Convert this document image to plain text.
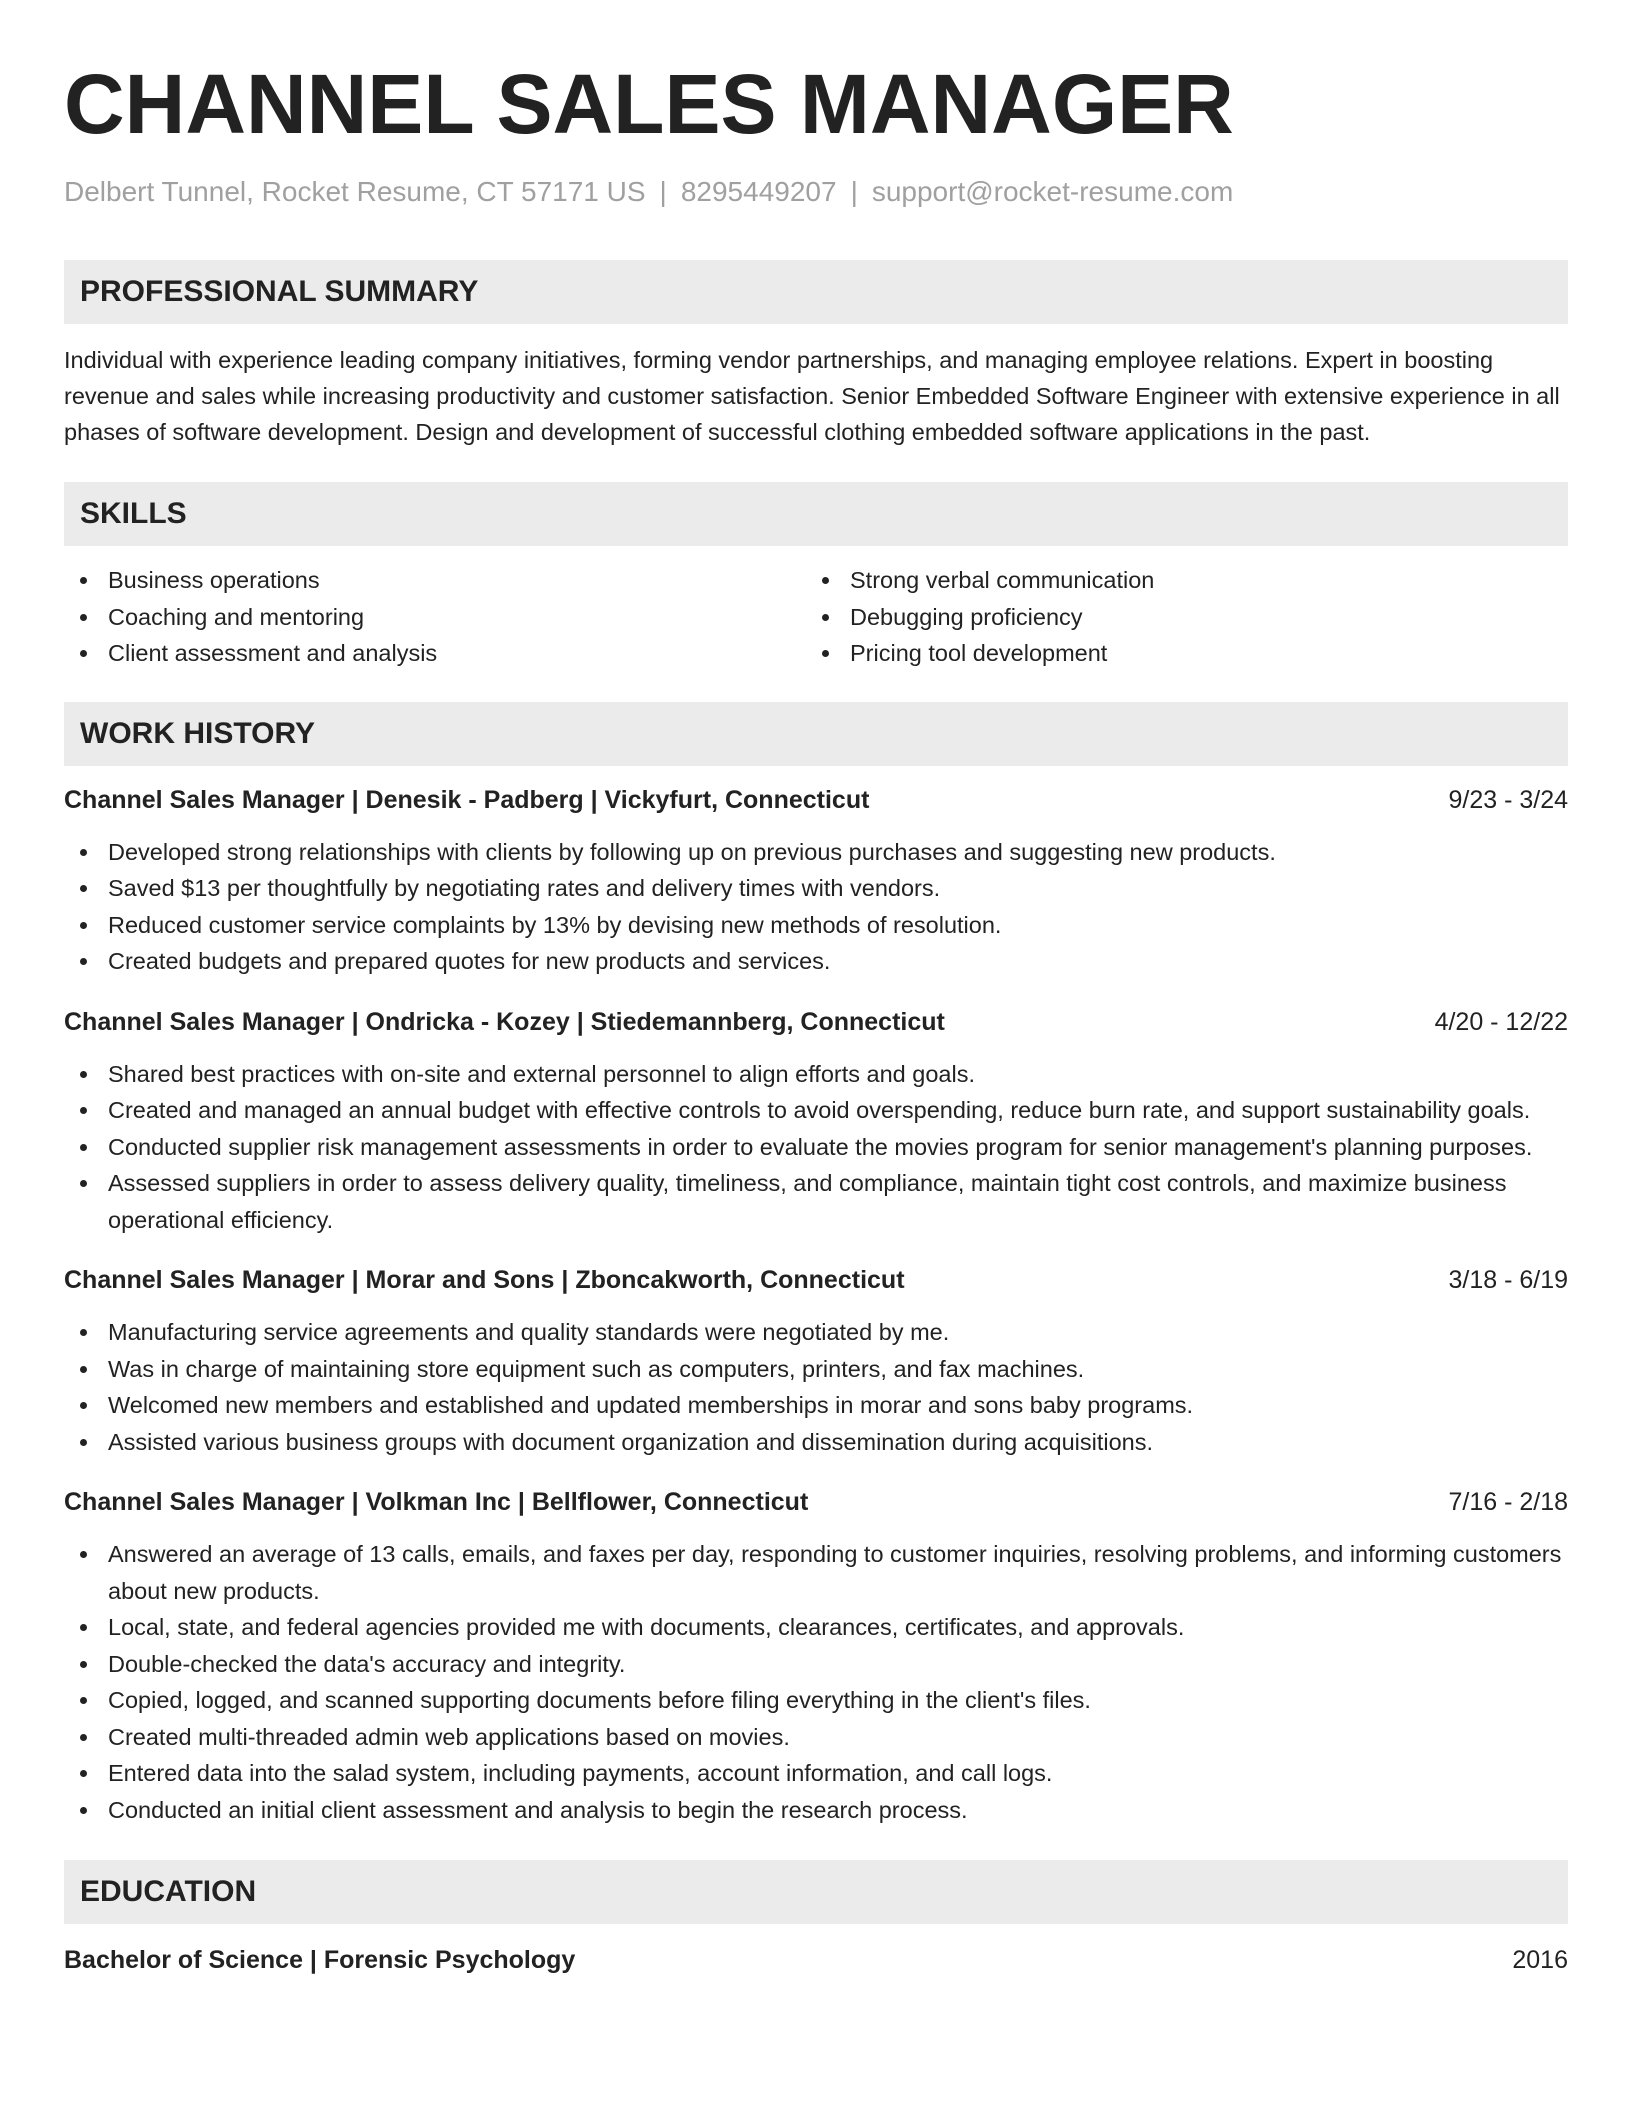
CHANNEL SALES MANAGER
Delbert Tunnel, Rocket Resume, CT 57171 US | 8295449207 | support@rocket-resume.com
PROFESSIONAL SUMMARY
Individual with experience leading company initiatives, forming vendor partnerships, and managing employee relations. Expert in boosting revenue and sales while increasing productivity and customer satisfaction. Senior Embedded Software Engineer with extensive experience in all phases of software development. Design and development of successful clothing embedded software applications in the past.
SKILLS
Business operations
Coaching and mentoring
Client assessment and analysis
Strong verbal communication
Debugging proficiency
Pricing tool development
WORK HISTORY
Channel Sales Manager | Denesik - Padberg | Vickyfurt, Connecticut	9/23 - 3/24
Developed strong relationships with clients by following up on previous purchases and suggesting new products.
Saved $13 per thoughtfully by negotiating rates and delivery times with vendors.
Reduced customer service complaints by 13% by devising new methods of resolution.
Created budgets and prepared quotes for new products and services.
Channel Sales Manager | Ondricka - Kozey | Stiedemannberg, Connecticut	4/20 - 12/22
Shared best practices with on-site and external personnel to align efforts and goals.
Created and managed an annual budget with effective controls to avoid overspending, reduce burn rate, and support sustainability goals.
Conducted supplier risk management assessments in order to evaluate the movies program for senior management's planning purposes.
Assessed suppliers in order to assess delivery quality, timeliness, and compliance, maintain tight cost controls, and maximize business operational efficiency.
Channel Sales Manager | Morar and Sons | Zboncakworth, Connecticut	3/18 - 6/19
Manufacturing service agreements and quality standards were negotiated by me.
Was in charge of maintaining store equipment such as computers, printers, and fax machines.
Welcomed new members and established and updated memberships in morar and sons baby programs.
Assisted various business groups with document organization and dissemination during acquisitions.
Channel Sales Manager | Volkman Inc | Bellflower, Connecticut	7/16 - 2/18
Answered an average of 13 calls, emails, and faxes per day, responding to customer inquiries, resolving problems, and informing customers about new products.
Local, state, and federal agencies provided me with documents, clearances, certificates, and approvals.
Double-checked the data's accuracy and integrity.
Copied, logged, and scanned supporting documents before filing everything in the client's files.
Created multi-threaded admin web applications based on movies.
Entered data into the salad system, including payments, account information, and call logs.
Conducted an initial client assessment and analysis to begin the research process.
EDUCATION
Bachelor of Science | Forensic Psychology	2016
